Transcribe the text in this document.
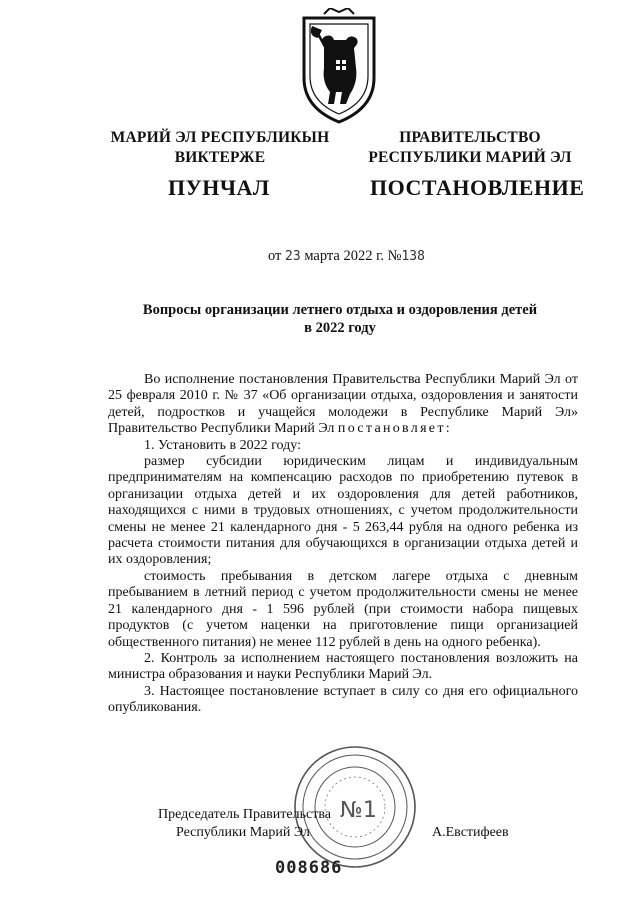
МАРИЙ ЭЛ РЕСПУБЛИКЫН
ВИКТЕРЖЕ
ПРАВИТЕЛЬСТВО
РЕСПУБЛИКИ МАРИЙ ЭЛ
ПУНЧАЛ	ПОСТАНОВЛЕНИЕ
от 23 марта 2022 г. №138
Вопросы организации летнего отдыха и оздоровления детей
в 2022 году

Во исполнение постановления Правительства Республики Марий Эл от 25 февраля 2010 г. № 37 «Об организации отдыха, оздоровления и занятости детей, подростков и учащейся молодежи в Республике Марий Эл» Правительство Республики Марий Эл постановляет:

1. Установить в 2022 году:

размер субсидии юридическим лицам и индивидуальным предпринимателям на компенсацию расходов по приобретению путевок в организации отдыха детей и их оздоровления для детей работников, находящихся с ними в трудовых отношениях, с учетом продолжительности смены не менее 21 календарного дня - 5 263,44 рубля на одного ребенка из расчета стоимости питания для обучающихся в организации отдыха детей и их оздоровления;

стоимость пребывания в детском лагере отдыха с дневным пребыванием в летний период с учетом продолжительности смены не менее 21 календарного дня - 1 596 рублей (при стоимости набора пищевых продуктов (с учетом наценки на приготовление пищи организацией общественного питания) не менее 112 рублей в день на одного ребенка).

2. Контроль за исполнением настоящего постановления возложить на министра образования и науки Республики Марий Эл.

3. Настоящее постановление вступает в силу со дня его официального опубликования.

№1
Председатель Правительства
Республики Марий Эл	А.Евстифеев
008686
